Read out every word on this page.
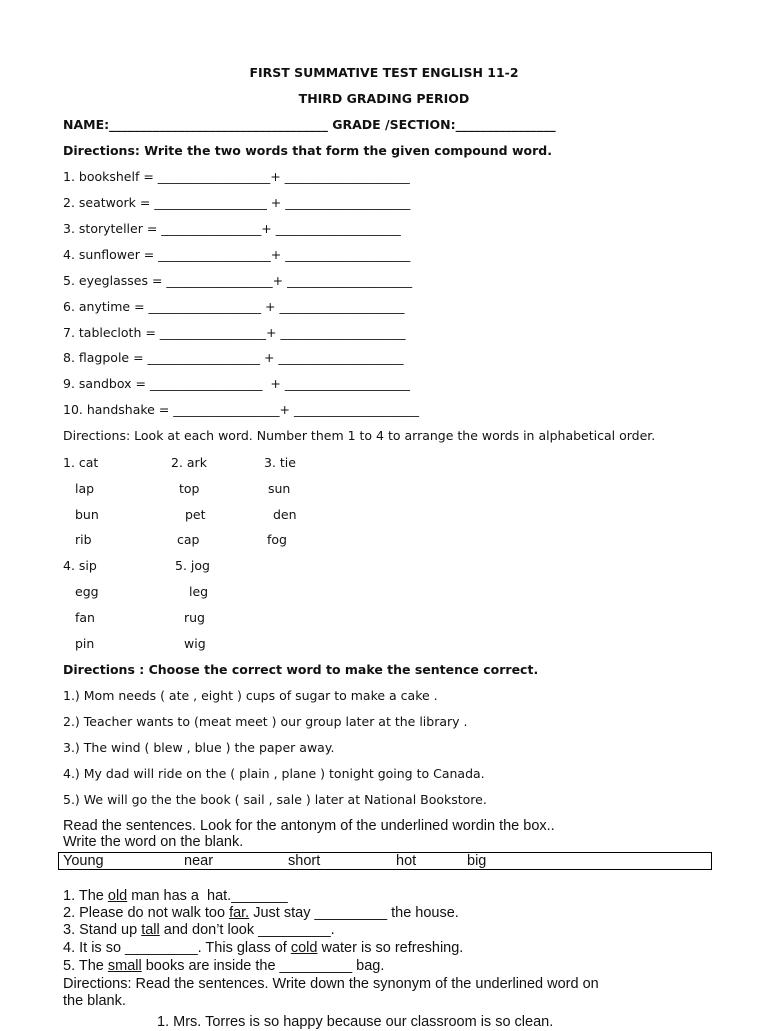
FIRST SUMMATIVE TEST ENGLISH 11-2
THIRD GRADING PERIOD
NAME:___________________________________ GRADE /SECTION:________________
Directions: Write the two words that form the given compound word.
1. bookshelf = __________________+ ____________________
2. seatwork = __________________ + ____________________
3. storyteller = ________________+ ____________________
4. sunflower = __________________+ ____________________
5. eyeglasses = _________________+ ____________________
6. anytime = __________________ + ____________________
7. tablecloth = _________________+ ____________________
8. flagpole = __________________ + ____________________
9. sandbox = __________________  + ____________________
10. handshake = _________________+ ____________________
Directions: Look at each word. Number them 1 to 4 to arrange the words in alphabetical order.
1. cat	2. ark	3. tie
lap	top	sun
bun	pet	den
rib	cap	fog
4. sip	5. jog
egg	leg
fan	rug
pin	wig
Directions : Choose the correct word to make the sentence correct.
1.) Mom needs ( ate , eight ) cups of sugar to make a cake .
2.) Teacher wants to (meat meet ) our group later at the library .
3.) The wind ( blew , blue ) the paper away.
4.) My dad will ride on the ( plain , plane ) tonight going to Canada.
5.) We will go the the book ( sail , sale ) later at National Bookstore.
Read the sentences. Look for the antonym of the underlined wordin the box..
Write the word on the blank.
Young	near	short	hot	big
1. The old man has a  hat._______
2. Please do not walk too far. Just stay _________ the house.
3. Stand up tall and don’t look _________.
4. It is so _________. This glass of cold water is so refreshing.
5. The small books are inside the _________ bag.
Directions: Read the sentences. Write down the synonym of the underlined word on
the blank.
1. Mrs. Torres is so happy because our classroom is so clean.
